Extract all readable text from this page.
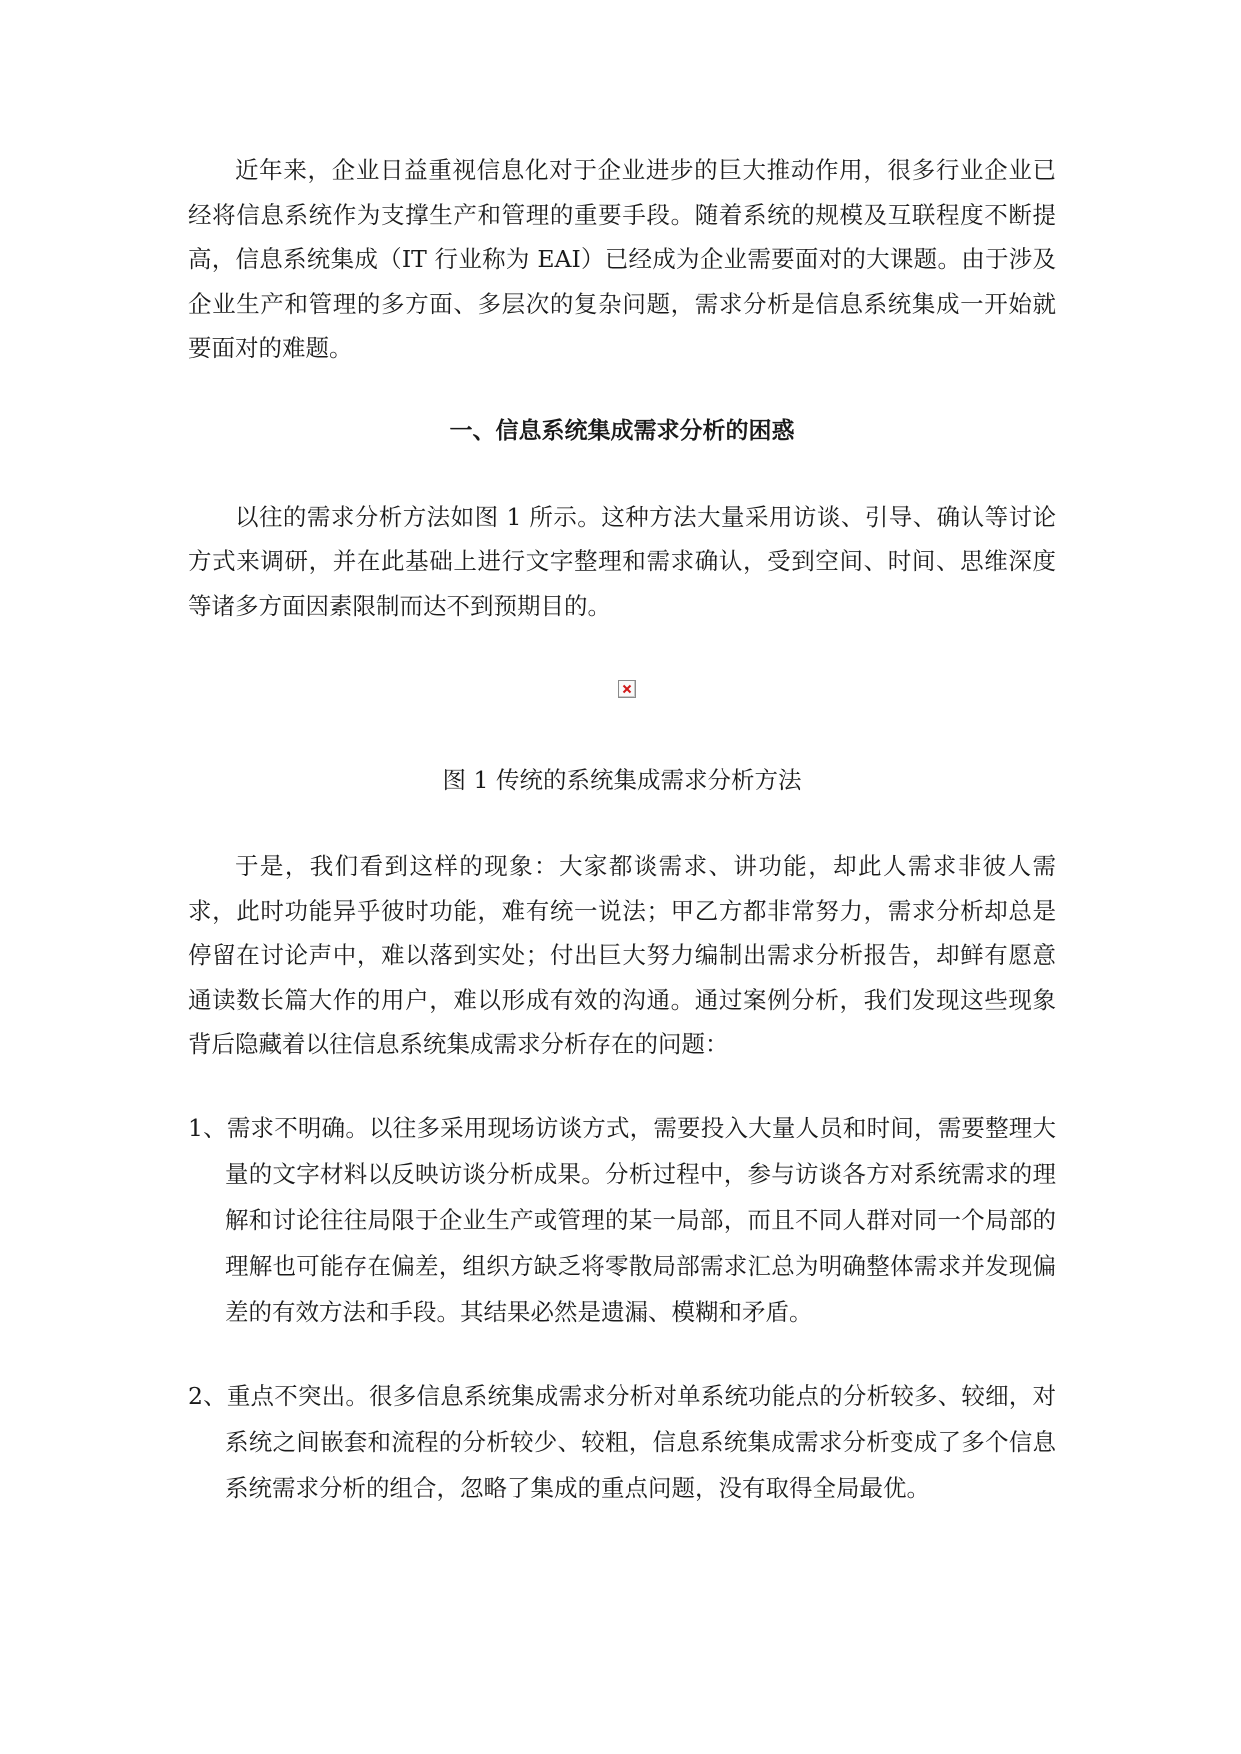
近年来，企业日益重视信息化对于企业进步的巨大推动作用，很多行业企业已经将信息系统作为支撑生产和管理的重要手段。随着系统的规模及互联程度不断提高，信息系统集成（IT 行业称为 EAI）已经成为企业需要面对的大课题。由于涉及企业生产和管理的多方面、多层次的复杂问题，需求分析是信息系统集成一开始就要面对的难题。

一、信息系统集成需求分析的困惑

以往的需求分析方法如图 1 所示。这种方法大量采用访谈、引导、确认等讨论方式来调研，并在此基础上进行文字整理和需求确认，受到空间、时间、思维深度等诸多方面因素限制而达不到预期目的。

图 1 传统的系统集成需求分析方法

于是，我们看到这样的现象：大家都谈需求、讲功能，却此人需求非彼人需求，此时功能异乎彼时功能，难有统一说法；甲乙方都非常努力，需求分析却总是停留在讨论声中，难以落到实处；付出巨大努力编制出需求分析报告，却鲜有愿意通读数长篇大作的用户，难以形成有效的沟通。通过案例分析，我们发现这些现象背后隐藏着以往信息系统集成需求分析存在的问题：

1、需求不明确。以往多采用现场访谈方式，需要投入大量人员和时间，需要整理大量的文字材料以反映访谈分析成果。分析过程中，参与访谈各方对系统需求的理解和讨论往往局限于企业生产或管理的某一局部，而且不同人群对同一个局部的理解也可能存在偏差，组织方缺乏将零散局部需求汇总为明确整体需求并发现偏差的有效方法和手段。其结果必然是遗漏、模糊和矛盾。

2、重点不突出。很多信息系统集成需求分析对单系统功能点的分析较多、较细，对系统之间嵌套和流程的分析较少、较粗，信息系统集成需求分析变成了多个信息系统需求分析的组合，忽略了集成的重点问题，没有取得全局最优。
